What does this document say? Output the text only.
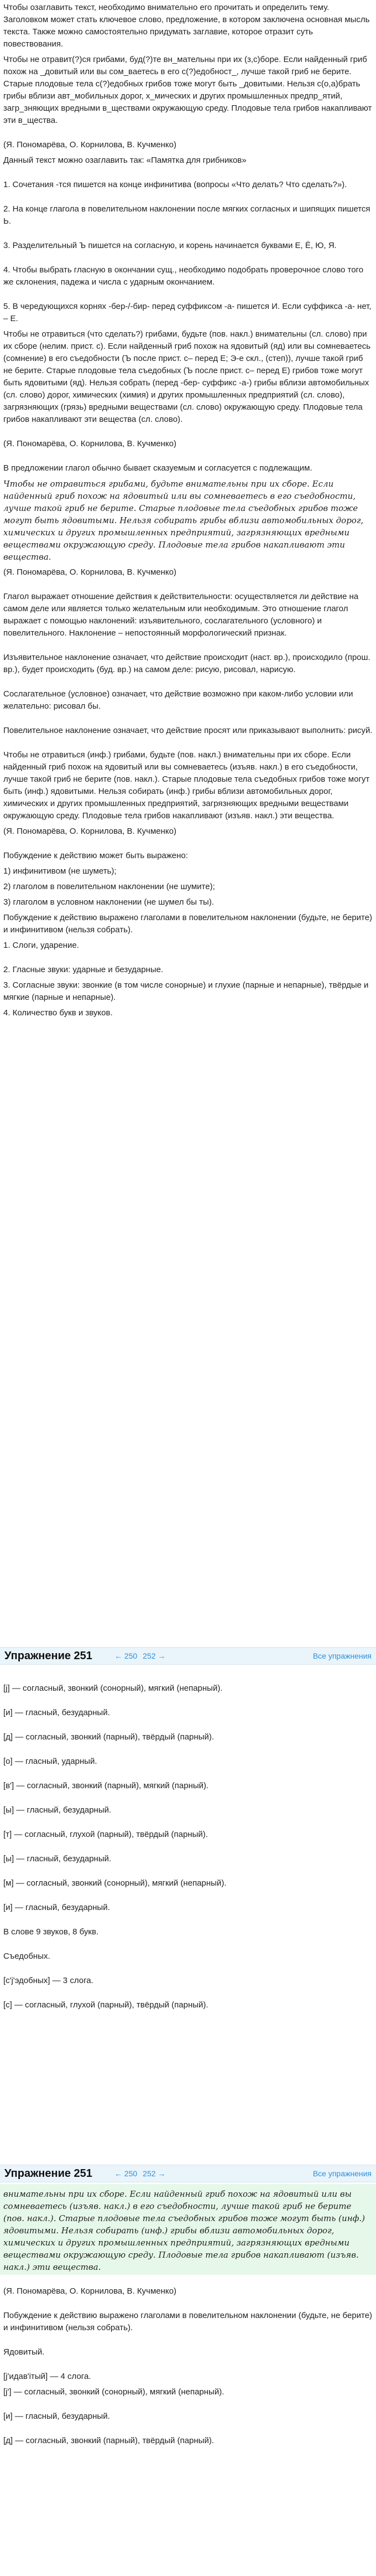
Чтобы озаглавить текст, необходимо внимательно его прочитать и определить тему. Заголовком может стать ключевое слово, предложение, в котором заключена основная мысль текста. Также можно самостоятельно придумать заглавие, которое отразит суть повествования.

Чтобы не отравит(?)ся грибами, буд(?)те вн_мательны при их (з,с)боре. Если найденный гриб похож на _довитый или вы сом_ваетесь в его с(?)едобност_, лучше такой гриб не берите. Старые плодовые тела с(?)едобных грибов тоже могут быть _довитыми. Нельзя с(о,а)брать грибы вблизи авт_мобильных дорог, х_мических и других промышленных предпр_ятий, загр_зняющих вредными в_ществами окружающую среду. Плодовые тела грибов накапливают эти в_щества.

(Я. Пономарёва, О. Корнилова, В. Кучменко)

Данный текст можно озаглавить так: «Памятка для грибников»

1. Сочетания -тся пишется на конце инфинитива (вопросы «Что делать? Что сделать?»).

2. На конце глагола в повелительном наклонении после мягких согласных и шипящих пишется Ь.

3. Разделительный Ъ пишется на согласную, и корень начинается буквами Е, Ё, Ю, Я.

4. Чтобы выбрать гласную в окончании сущ., необходимо подобрать проверочное слово того же склонения, падежа и числа с ударным окончанием.

5. В чередующихся корнях -бер-/-бир- перед суффиксом -а- пишется И. Если суффикса -а- нет, – Е.

Чтобы не отравиться (что сделать?) грибами, будьте (пов. накл.) внимательны (сл. слово) при их сборе (нелим. прист. с). Если найденный гриб похож на ядовитый (яд) или вы сомневаетесь (сомнение) в его съедобности (Ъ после прист. с– перед Е; Э-е скл., (степ)), лучше такой гриб не берите. Старые плодовые тела съедобных (Ъ после прист. с– перед Е) грибов тоже могут быть ядовитыми (яд). Нельзя собрать (перед -бер- суффикс -а-) грибы вблизи автомобильных (сл. слово) дорог, химических (химия) и других промышленных предприятий (сл. слово), загрязняющих (грязь) вредными веществами (сл. слово) окружающую среду. Плодовые тела грибов накапливают эти вещества (сл. слово).

(Я. Пономарёва, О. Корнилова, В. Кучменко)

В предложении глагол обычно бывает сказуемым и согласуется с подлежащим.

Чтобы не отравиться грибами, будьте внимательны при их сборе. Если найденный гриб похож на ядовитый или вы сомневаетесь в его съедобности, лучше такой гриб не берите. Старые плодовые тела съедобных грибов тоже могут быть ядовитыми. Нельзя собирать грибы вблизи автомобильных дорог, химических и других промышленных предприятий, загрязняющих вредными веществами окружающую среду. Плодовые тела грибов накапливают эти вещества.

(Я. Пономарёва, О. Корнилова, В. Кучменко)

Глагол выражает отношение действия к действительности: осуществляется ли действие на самом деле или является только желательным или необходимым. Это отношение глагол выражает с помощью наклонений: изъявительного, сослагательного (условного) и повелительного. Наклонение – непостоянный морфологический признак.

Изъявительное наклонение означает, что действие происходит (наст. вр.), происходило (прош. вр.), будет происходить (буд. вр.) на самом деле: рисую, рисовал, нарисую.

Сослагательное (условное) означает, что действие возможно при каком-либо условии или желательно: рисовал бы.

Повелительное наклонение означает, что действие просят или приказывают выполнить: рисуй.

Чтобы не отравиться (инф.) грибами, будьте (пов. накл.) внимательны при их сборе. Если найденный гриб похож на ядовитый или вы сомневаетесь (изъяв. накл.) в его съедобности, лучше такой гриб не берите (пов. накл.). Старые плодовые тела съедобных грибов тоже могут быть (инф.) ядовитыми. Нельзя собирать (инф.) грибы вблизи автомобильных дорог, химических и других промышленных предприятий, загрязняющих вредными веществами окружающую среду. Плодовые тела грибов накапливают (изъяв. накл.) эти вещества.

(Я. Пономарёва, О. Корнилова, В. Кучменко)

Побуждение к действию может быть выражено:

1) инфинитивом (не шуметь);

2) глаголом в повелительном наклонении (не шумите);

3) глаголом в условном наклонении (не шумел бы ты).

Побуждение к действию выражено глаголами в повелительном наклонении (будьте, не берите) и инфинитивом (нельзя собрать).

1. Слоги, ударение.

2. Гласные звуки: ударные и безударные.

3. Согласные звуки: звонкие (в том числе сонорные) и глухие (парные и непарные), твёрдые и мягкие (парные и непарные).

4. Количество букв и звуков.

Упражнение 251	← 250 252 →	Все упражнения

[j] — согласный, звонкий (сонорный), мягкий (непарный).

[и] — гласный, безударный.

[д] — согласный, звонкий (парный), твёрдый (парный).

[о] — гласный, ударный.

[в'] — согласный, звонкий (парный), мягкий (парный).

[ы] — гласный, безударный.

[т] — согласный, глухой (парный), твёрдый (парный).

[ы] — гласный, безударный.

[м] — согласный, звонкий (сонорный), мягкий (непарный).

[и] — гласный, безударный.

В слове 9 звуков, 8 букв.

Съедобных.

[с'j'эдобных] — 3 слога.

[с] — согласный, глухой (парный), твёрдый (парный).

Упражнение 251	← 250 252 →	Все упражнения

внимательны при их сборе. Если найденный гриб похож на ядовитый или вы сомневаетесь (изъяв. накл.) в его съедобности, лучше такой гриб не берите (пов. накл.). Старые плодовые тела съедобных грибов тоже могут быть (инф.) ядовитыми. Нельзя собирать (инф.) грибы вблизи автомобильных дорог, химических и других промышленных предприятий, загрязняющих вредными веществами окружающую среду. Плодовые тела грибов накапливают (изъяв. накл.) эти вещества.

(Я. Пономарёва, О. Корнилова, В. Кучменко)

Побуждение к действию выражено глаголами в повелительном наклонении (будьте, не берите) и инфинитивом (нельзя собрать).

Ядовитый.

[j'идав'ітый] — 4 слога.

[j'] — согласный, звонкий (сонорный), мягкий (непарный).

[и] — гласный, безударный.

[д] — согласный, звонкий (парный), твёрдый (парный).
